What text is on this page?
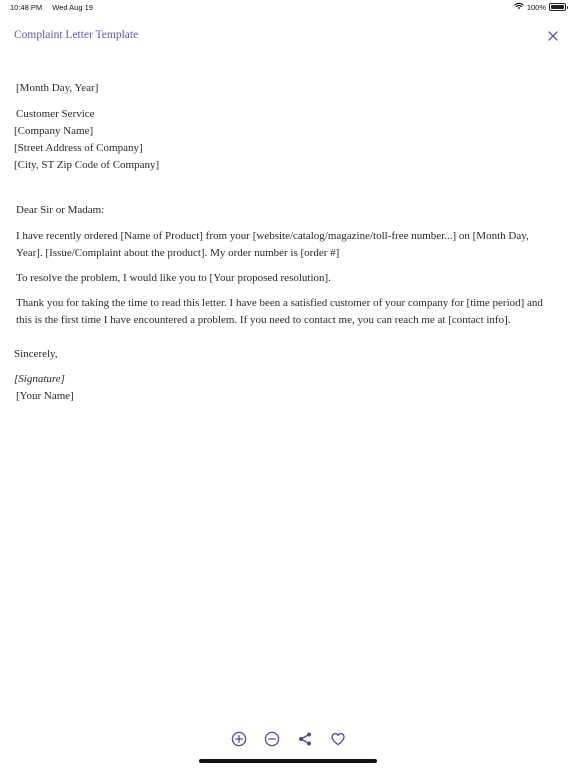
10:48 PM Wed Aug 19	100%
Complaint Letter Template

[Month Day, Year]

Customer Service

[Company Name]

[Street Address of Company]

[City, ST Zip Code of Company]

Dear Sir or Madam:

I have recently ordered [Name of Product] from your [website/catalog/magazine/toll-free number...] on [Month Day, Year]. [Issue/Complaint about the product]. My order number is [order #]

To resolve the problem, I would like you to [Your proposed resolution].

Thank you for taking the time to read this letter. I have been a satisfied customer of your company for [time period] and this is the first time I have encountered a problem. If you need to contact me, you can reach me at [contact info].

Sincerely,

[Signature]

[Your Name]
